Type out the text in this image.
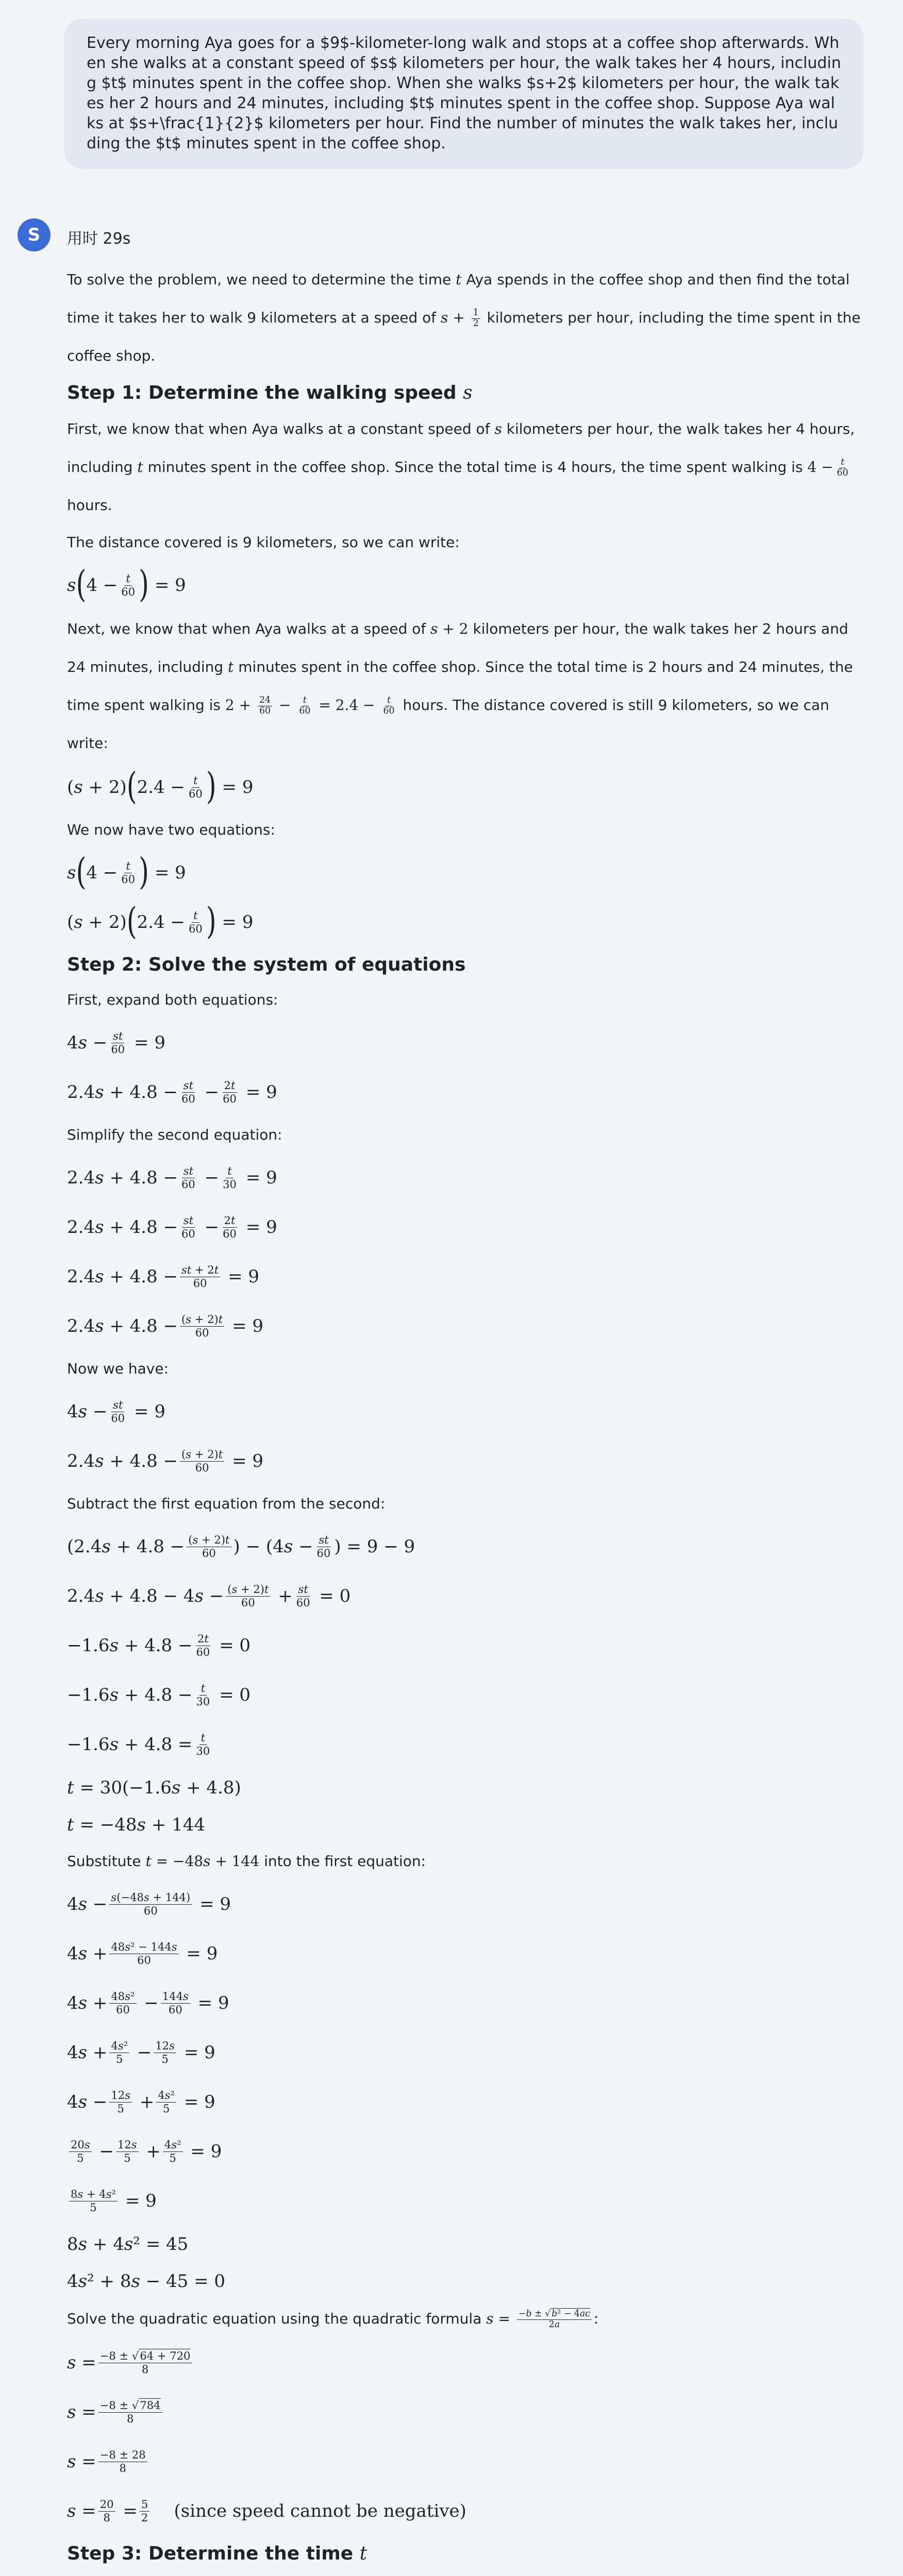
Every morning Aya goes for a $9$-kilometer-long walk and stops at a coffee shop afterwards. When she walks at a constant speed of $s$ kilometers per hour, the walk takes her 4 hours, including $t$ minutes spent in the coffee shop. When she walks $s+2$ kilometers per hour, the walk takes her 2 hours and 24 minutes, including $t$ minutes spent in the coffee shop. Suppose Aya walks at $s+\frac{1}{2}$ kilometers per hour. Find the number of minutes the walk takes her, including the $t$ minutes spent in the coffee shop.
S	用时 29s

To solve the problem, we need to determine the time t Aya spends in the coffee shop and then find the total time it takes her to walk 9 kilometers at a speed of $s + \frac{1}{2}$ kilometers per hour, including the time spent in the coffee shop.

Step 1: Determine the walking speed s

First, we know that when Aya walks at a constant speed of s kilometers per hour, the walk takes her 4 hours, including t minutes spent in the coffee shop. Since the total time is 4 hours, the time spent walking is $4 - \frac{t}{60}$
hours.

The distance covered is 9 kilometers, so we can write:

s ( $4 - \frac{t}{60}$ ) = 9

Next, we know that when Aya walks at a speed of s + 2 kilometers per hour, the walk takes her 2 hours and 24 minutes, including t minutes spent in the coffee shop. Since the total time is 2 hours and 24 minutes, the time spent walking is $2 + \frac{24}{60} - \frac{t}{60} = 2.4 - \frac{t}{60}$ hours. The distance covered is still 9 kilometers, so we can write:

( s + 2) ( $2.4 - \frac{t}{60}$ ) = 9

We now have two equations:

s ( $4 - \frac{t}{60}$ ) = 9
( s + 2) ( $2.4 - \frac{t}{60}$ ) = 9
Step 2: Solve the system of equations

First, expand both equations:

4 $s - \frac{st}{60} = 9$
2.4 $s + 4.8 - \frac{st}{60} - \frac{2t}{60} = 9$

Simplify the second equation:

2.4 $s + 4.8 - \frac{st}{60} - \frac{t}{30} = 9$
2.4 $s + 4.8 - \frac{st}{60} - \frac{2t}{60} = 9$
2.4 $s + 4.8 - \frac{st + 2t}{60} = 9$
2.4 $s + 4.8 - \frac{(s + 2)t}{60} = 9$

Now we have:

4 $s - \frac{st}{60} = 9$
2.4 $s + 4.8 - \frac{(s + 2)t}{60} = 9$

Subtract the first equation from the second:

(2.4 $s + 4.8 - \frac{(s + 2)t}{60}$ ) − (4 $s - \frac{st}{60}$ ) = 9 − 9
2.4 s + 4.8 − 4 $s - \frac{(s + 2)t}{60} + \frac{st}{60} = 0$
−1.6 $s + 4.8 - \frac{2t}{60} = 0$
−1.6 $s + 4.8 - \frac{t}{30} = 0$
−1.6 $s + 4.8 = \frac{t}{30}$
t = 30(−1.6 s + 4.8)
t = −48 s + 144

Substitute t = −48s + 144 into the first equation:

4 $s - \frac{s(-48s + 144)}{60} = 9$
4 $s + \frac{\text{48s² − 144s}}{60} = 9$
4 $s + \frac{\text{48s²}}{60} - \frac{144s}{60} = 9$
4 $s + \frac{\text{4s²}}{5} - \frac{12s}{5} = 9$
4 $s - \frac{12s}{5} + \frac{\text{4s²}}{5} = 9$
$\frac{20s}{5} - \frac{12s}{5} + \frac{\text{4s²}}{5} = 9$
$\frac{\text{8s + 4s²}}{5} = 9$
8 s + 4 s ² = 45
4 s ² + 8 s − 45 = 0

Solve the quadratic equation using the quadratic formula $s = \frac{\text{−b ± √ b² − 4ac}}{2a}$ :

$s = \frac{-8 \pm √64 + 720}{8}$
$s = \frac{-8 \pm √784}{8}$
$s = \frac{-8 \pm 28}{8}$
$s = \frac{20}{8} = \frac{5}{2}$
(since speed cannot be negative)
Step 3: Determine the time t
